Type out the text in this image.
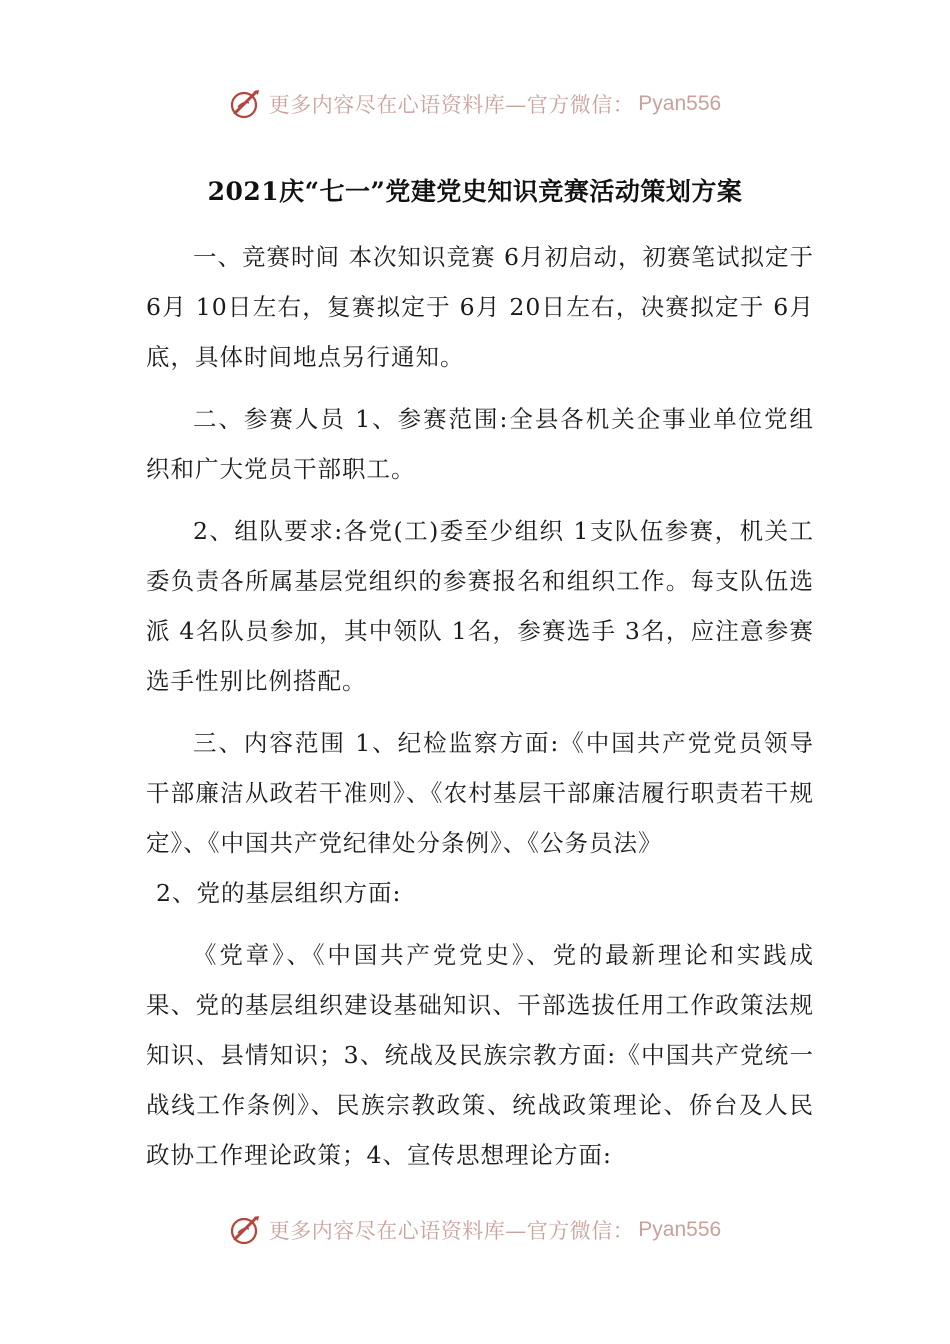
更多内容尽在心语资料库—官方微信： Pyan556
2021庆“七一”党建党史知识竞赛活动策划方案

一、竞赛时间 本次知识竞赛 6月初启动，初赛笔试拟定于 6月 10日左右，复赛拟定于 6月 20日左右，决赛拟定于 6月底，具体时间地点另行通知。

二、参赛人员 1、参赛范围:全县各机关企事业单位党组织和广大党员干部职工。

2、组队要求:各党(工)委至少组织 1支队伍参赛，机关工委负责各所属基层党组织的参赛报名和组织工作。每支队伍选派 4名队员参加，其中领队 1名，参赛选手 3名，应注意参赛选手性别比例搭配。

三、内容范围 1、纪检监察方面:《中国共产党党员领导干部廉洁从政若干准则》、《农村基层干部廉洁履行职责若干规定》、《中国共产党纪律处分条例》、《公务员法》

2、党的基层组织方面:

《党章》、《中国共产党党史》、党的最新理论和实践成果、党的基层组织建设基础知识、干部选拔任用工作政策法规知识、县情知识；3、统战及民族宗教方面:《中国共产党统一战线工作条例》、民族宗教政策、统战政策理论、侨台及人民政协工作理论政策；4、宣传思想理论方面:

更多内容尽在心语资料库—官方微信： Pyan556
